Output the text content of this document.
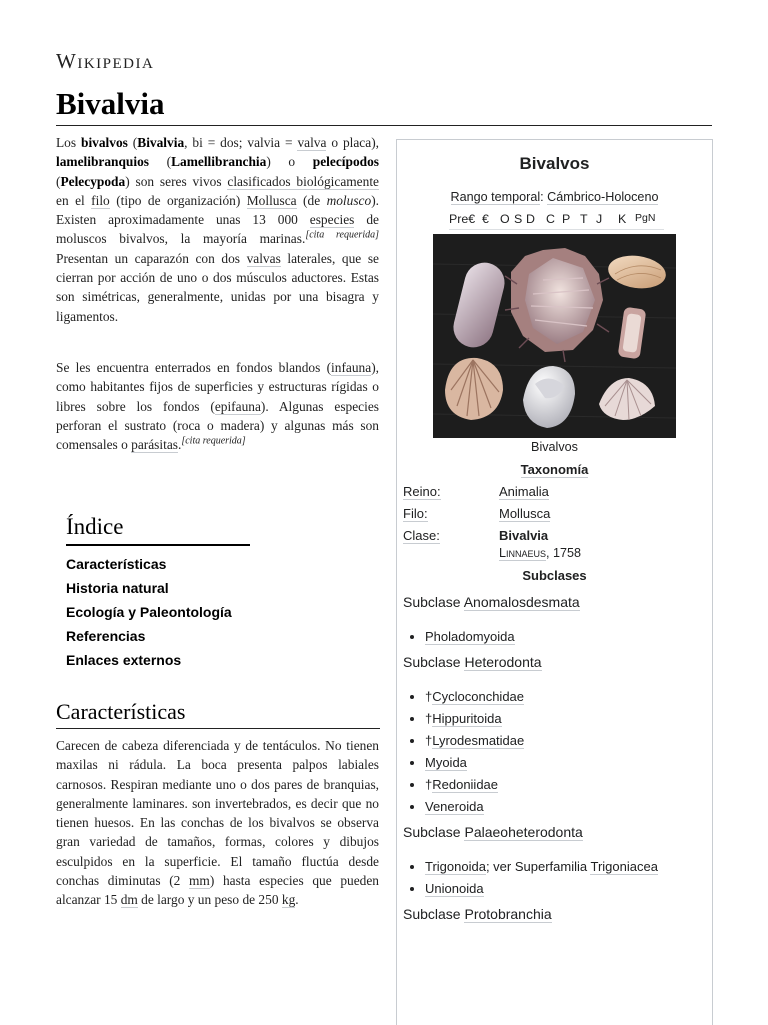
Wikipedia
Bivalvia

Los bivalvos (Bivalvia, bi = dos; valvia = valva o placa), lamelibranquios (Lamellibranchia) o pelecípodos (Pelecypoda) son seres vivos clasificados biológicamente en el filo (tipo de organización) Mollusca (de molusco). Existen aproximadamente unas 13 000 especies de moluscos bivalvos, la mayoría marinas.[cita requerida] Presentan un caparazón con dos valvas laterales, que se cierran por acción de uno o dos músculos aductores. Estas son simétricas, generalmente, unidas por una bisagra y ligamentos.

Se les encuentra enterrados en fondos blandos (infauna), como habitantes fijos de superficies y estructuras rígidas o libres sobre los fondos (epifauna). Algunas especies perforan el sustrato (roca o madera) y algunas más son comensales o parásitas.[cita requerida]

Índice
Características
Historia natural
Ecología y Paleontología
Referencias
Enlaces externos
Características

Carecen de cabeza diferenciada y de tentáculos. No tienen maxilas ni rádula. La boca presenta palpos labiales carnosos. Respiran mediante uno o dos pares de branquias, generalmente laminares. son invertebrados, es decir que no tienen huesos. En las conchas de los bivalvos se observa gran variedad de tamaños, formas, colores y dibujos esculpidos en la superficie. El tamaño fluctúa desde conchas diminutas (2 mm) hasta especies que pueden alcanzar 15 dm de largo y un peso de 250 kg.

Bivalvos
Rango temporal: Cámbrico-Holoceno
Pre€ € O S D C P T J K PgN
Bivalvos
Taxonomía
Reino:	Animalia
Filo:	Mollusca
Clase:	Bivalvia
Linnaeus, 1758
Subclases
Subclase Anomalosdesmata
• Pholadomyoida
Subclase Heterodonta
• †Cycloconchidae
• †Hippuritoida
• †Lyrodesmatidae
• Myoida
• †Redoniidae
• Veneroida
Subclase Palaeoheterodonta
• Trigonoida; ver Superfamilia Trigoniacea
• Unionoida
Subclase Protobranchia
